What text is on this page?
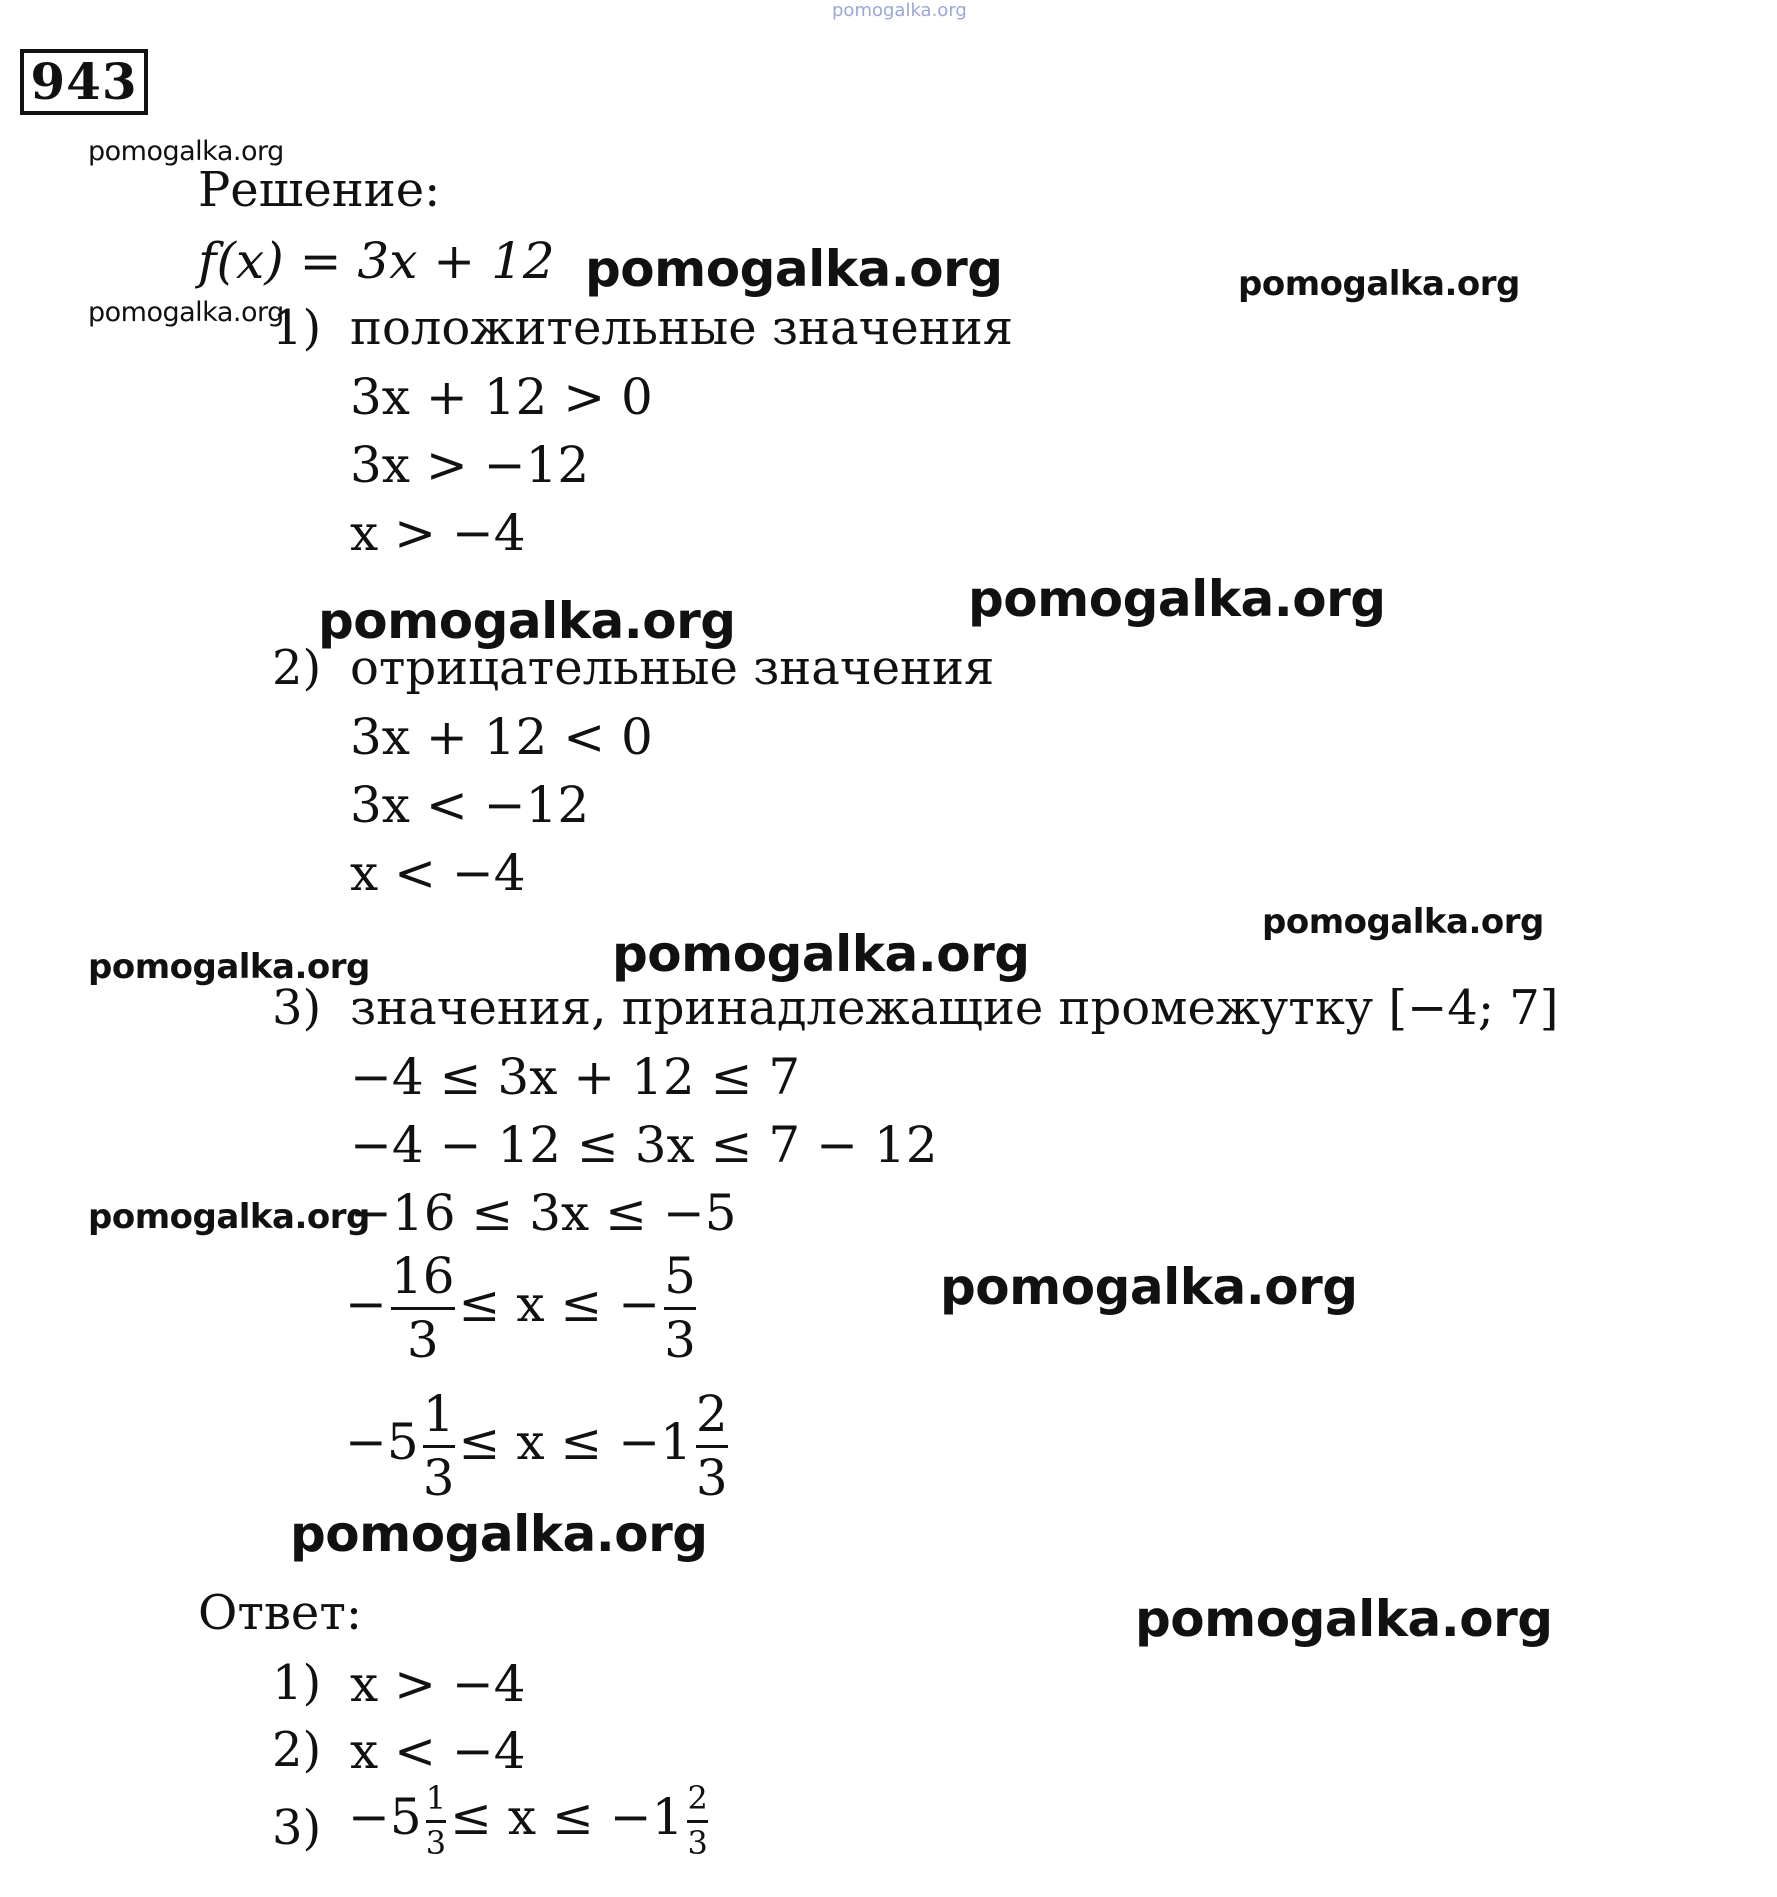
pomogalka.org
943
pomogalka.org
pomogalka.org	pomogalka.org
pomogalka.org
pomogalka.org	pomogalka.org
pomogalka.org
pomogalka.org	pomogalka.org
pomogalka.org
pomogalka.org
pomogalka.org
pomogalka.org
Решение:
f(x) = 3x + 12
1) положительные значения
3x + 12 > 0
3x > −12
x > −4
2) отрицательные значения
3x + 12 < 0
3x < −12
x < −4
3) значения, принадлежащие промежутку [−4; 7]
−4 ≤ 3x + 12 ≤ 7
−4 − 12 ≤ 3x ≤ 7 − 12
−16 ≤ 3x ≤ −5
− $\frac{16}{3} \le x$ ≤ − $\frac{5}{3}$
$-5 \frac{1}{3} \le x \le -1 \frac{2}{3}$
Ответ:
1) x > −4
2) x < −4
$3) -5 \frac{1}{3} \le x \le -1 \frac{2}{3}$
